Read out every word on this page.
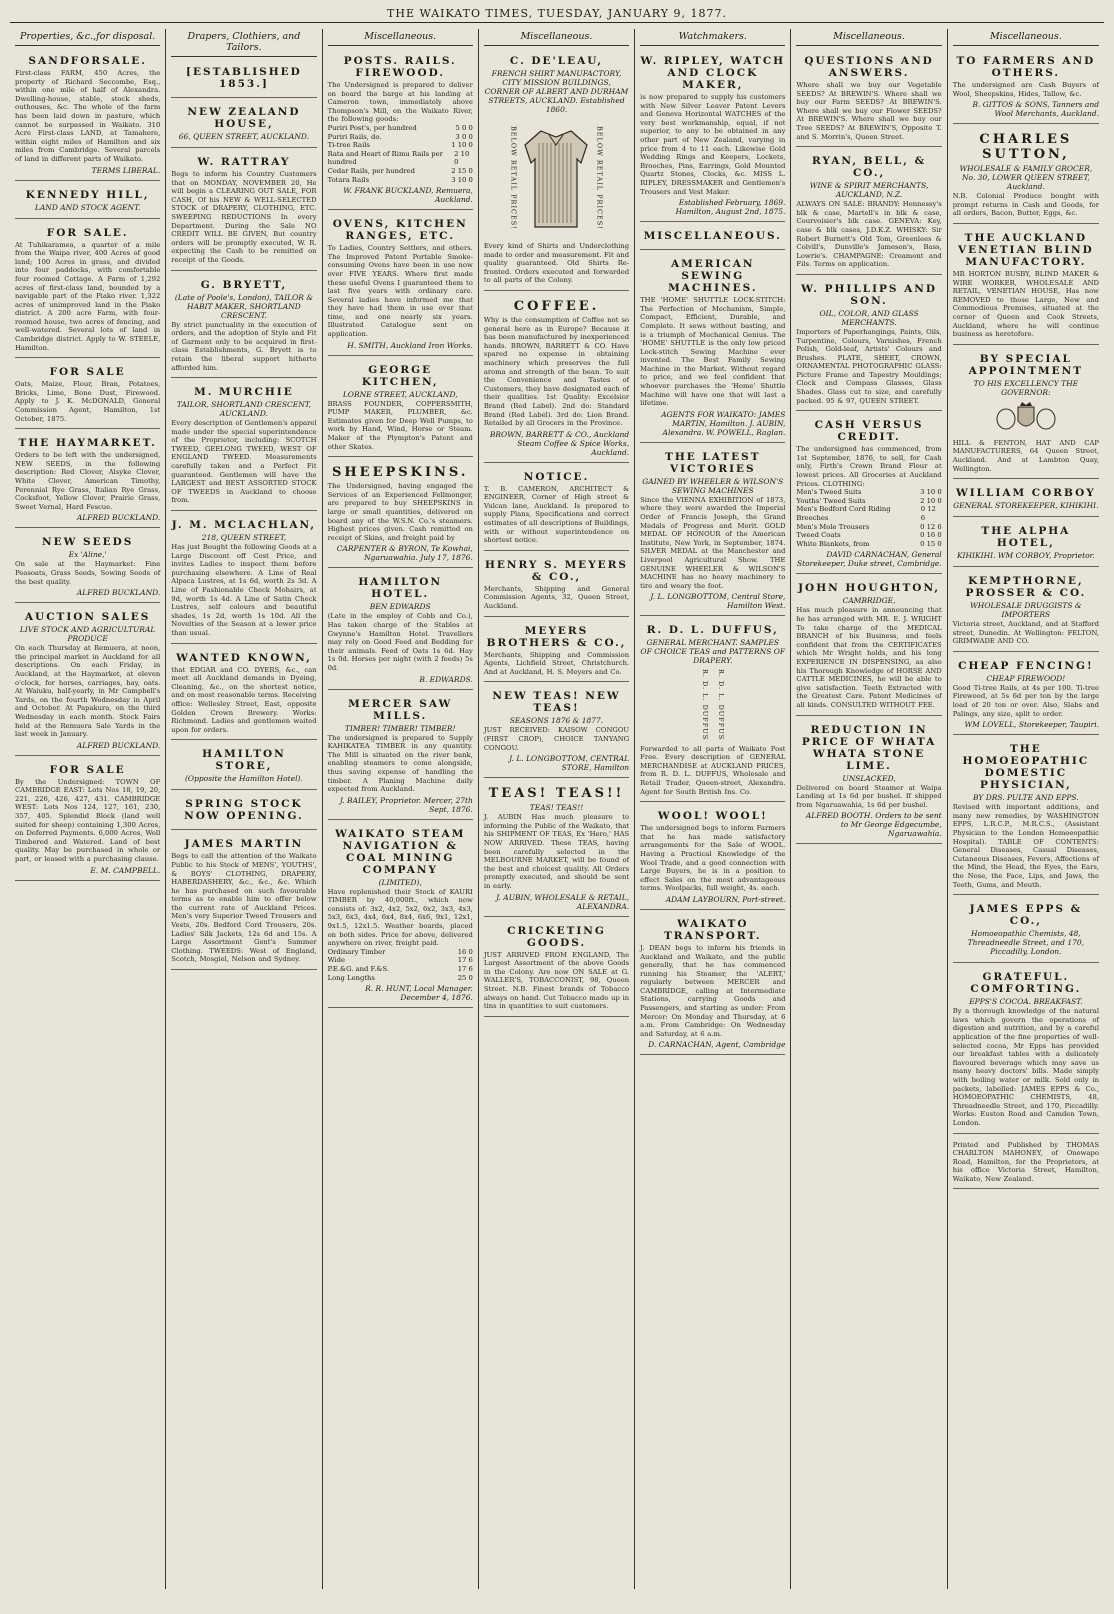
THE WAIKATO TIMES, TUESDAY, JANUARY 9, 1877.
Properties, &c.,for disposal.
SANDFORSALE.
First-class FARM, 450 Acres, the property of Richard Seccombe, Esq., within one mile of half of Alexandra. Dwelling-house, stable, stock sheds, outhouses, &c. The whole of the farm has been laid down in pasture, which cannot be surpassed in Waikato. 310 Acre First-class LAND, at Tamahere, within eight miles of Hamilton and six miles from Cambridge. Several parcels of land in different parts of Waikato.
TERMS LIBERAL.
KENNEDY HILL,
LAND AND STOCK AGENT.
FOR SALE.
At Tuhikaramea, a quarter of a mile from the Waipa river, 400 Acres of good land; 100 Acres in grass, and divided into four paddocks, with comfortable four roomed Cottage. A Farm of 1,292 acres of first-class land, bounded by a navigable part of the Piako river. 1,322 acres of unimproved land in the Piako district. A 200 acre Farm, with four-roomed house, two acres of fencing, and well-watered. Several lots of land in Cambridge district. Apply to W. STEELE, Hamilton.
FOR SALE
Oats, Maize, Flour, Bran, Potatoes, Bricks, Lime, Bone Dust, Firewood. Apply to J. K. McDONALD, General Commission Agent, Hamilton, 1st October, 1875.
THE HAYMARKET.
Orders to be left with the undersigned, NEW SEEDS, in the following description: Red Clover, Alsyke Clover, White Clover, American Timothy, Perennial Rye Grass, Italian Rye Grass, Cocksfoot, Yellow Clover, Prairie Grass, Sweet Vernal, Hard Fescue.
ALFRED BUCKLAND.
NEW SEEDS
Ex 'Aline,'
On sale at the Haymarket: Fine Peasoats, Grass Seeds, Sowing Seeds of the best quality.
ALFRED BUCKLAND.
AUCTION SALES
LIVE STOCK AND AGRICULTURAL PRODUCE
On each Thursday at Remuera, at noon, the principal market in Auckland for all descriptions. On each Friday, in Auckland, at the Haymarket, at eleven o'clock, for horses, carriages, hay, oats. At Waiuku, half-yearly, in Mr Campbell's Yards, on the fourth Wednesday in April and October. At Papakura, on the third Wednesday in each month. Stock Fairs held at the Remuera Sale Yards in the last week in January.
ALFRED BUCKLAND.
FOR SALE
By the Undersigned: TOWN OF CAMBRIDGE EAST: Lots Nos 18, 19, 20, 221, 226, 426, 427, 431. CAMBRIDGE WEST: Lots Nos 124, 127, 161, 230, 357, 405. Splendid Block (land well suited for sheep) containing 1,300 Acres, on Deferred Payments. 6,000 Acres, Well Timbered and Watered. Land of best quality. May be purchased in whole or part, or leased with a purchasing clause.
E. M. CAMPBELL.
Drapers, Clothiers, and Tailors.
[ESTABLISHED 1853.]
NEW ZEALAND HOUSE,
66, QUEEN STREET, AUCKLAND.
W. RATTRAY
Begs to inform his Country Customers that on MONDAY, NOVEMBER 20, He will begin a CLEARING OUT SALE, FOR CASH, Of his NEW & WELL-SELECTED STOCK of DRAPERY, CLOTHING, ETC. SWEEPING REDUCTIONS In every Department. During the Sale NO CREDIT WILL BE GIVEN, But country orders will be promptly executed, W. R. expecting the Cash to be remitted on receipt of the Goods.
G. BRYETT,
(Late of Poole's, London), TAILOR & HABIT MAKER, SHORTLAND CRESCENT.
By strict punctuality in the execution of orders, and the adoption of Style and Fit of Garment only to be acquired in first-class Establishments, G. Bryett is to retain the liberal support hitherto afforded him.
M. MURCHIE
TAILOR, SHORTLAND CRESCENT, AUCKLAND.
Every description of Gentlemen's apparel made under the special superintendence of the Proprietor, including: SCOTCH TWEED, GEELONG TWEED, WEST OF ENGLAND TWEED. Measurements carefully taken and a Perfect Fit guaranteed. Gentlemen will have the LARGEST and BEST ASSORTED STOCK OF TWEEDS in Auckland to choose from.
J. M. MCLACHLAN,
218, QUEEN STREET,
Has just Bought the following Goods at a Large Discount off Cost Price, and invites Ladies to inspect them before purchasing elsewhere. A Line of Real Alpaca Lustres, at 1s 6d, worth 2s 3d. A Line of Fashionable Check Mohairs, at 9d, worth 1s 4d. A Line of Satin Check Lustres, self colours and beautiful shades, 1s 2d, worth 1s 10d. All the Novelties of the Season at a lower price than usual.
WANTED KNOWN,
that EDGAR and CO. DYERS, &c., can meet all Auckland demands in Dyeing, Cleaning, &c., on the shortest notice, and on most reasonable terms. Receiving office: Wellesley Street, East, opposite Golden Crown Brewery. Works: Richmond. Ladies and gentlemen waited upon for orders.
HAMILTON STORE,
(Opposite the Hamilton Hotel).
SPRING STOCK NOW OPENING.
JAMES MARTIN
Begs to call the attention of the Waikato Public to his Stock of MENS', YOUTHS', & BOYS' CLOTHING, DRAPERY, HABERDASHERY, &c., &c., &c. Which he has purchased on such favourable terms as to enable him to offer below the current rate of Auckland Prices. Men's very Superior Tweed Trousers and Vests, 20s. Bedford Cord Trousers, 20s. Ladies' Silk Jackets, 12s 6d and 15s. A Large Assortment Gent's Summer Clothing. TWEEDS: West of England, Scotch, Mosgiel, Nelson and Sydney.
Miscellaneous.
POSTS. RAILS. FIREWOOD.
The Undersigned is prepared to deliver on board the barge at his landing at Cameron town, immediately above Thompson's Mill, on the Waikato River, the following goods:
Puriri Post's, per hundred	5 0 0
Puriri Rails, do.	3 0 0
Ti-tree Rails	1 10 0
Rata and Heart of Rimu Rails per hundred
2 10 0
Cedar Rails, per hundred	2 15 0
Totara Rails	3 10 0
W. FRANK BUCKLAND, Remuera, Auckland.
OVENS, KITCHEN RANGES, ETC.
To Ladies, Country Settlers, and others. The Improved Patent Portable Smoke-consuming Ovens have been in use now over FIVE YEARS. Where first made these useful Ovens I guaranteed them to last five years with ordinary care. Several ladies have informed me that they have had them in use over that time, and one nearly six years. Illustrated Catalogue sent on application.
H. SMITH, Auckland Iron Works.
GEORGE KITCHEN,
LORNE STREET, AUCKLAND,
BRASS FOUNDER, COPPERSMITH, PUMP MAKER, PLUMBER, &c. Estimates given for Deep Well Pumps, to work by Hand, Wind, Horse or Steam. Maker of the Plympton's Patent and other Skates.
SHEEPSKINS.
The Undersigned, having engaged the Services of an Experienced Fellmonger, are prepared to buy SHEEPSKINS in large or small quantities, delivered on board any of the W.S.N. Co.'s steamers. Highest prices given. Cash remitted on receipt of Skins, and freight paid by
CARPENTER & BYRON, Te Kowhai, Ngaruawahia. July 17, 1876.
HAMILTON HOTEL.
BEN EDWARDS
(Late in the employ of Cobb and Co.), Has taken charge of the Stables at Gwynne's Hamilton Hotel. Travellers may rely on Good Feed and Bedding for their animals. Feed of Oats 1s 6d. Hay 1s 0d. Horses per night (with 2 feeds) 5s 0d.
B. EDWARDS.
MERCER SAW MILLS.
TIMBER! TIMBER! TIMBER!
The undersigned is prepared to Supply KAHIKATEA TIMBER in any quantity. The Mill is situated on the river bank, enabling steamers to come alongside, thus saving expense of handling the timber. A Planing Machine daily expected from Auckland.
J. BAILEY, Proprietor. Mercer, 27th Sept, 1876.
WAIKATO STEAM NAVIGATION & COAL MINING COMPANY
(LIMITED),
Have replenished their Stock of KAURI TIMBER by 40,000ft., which now consists of: 3x2, 4x2, 5x2, 6x2, 3x3, 4x3, 5x3, 6x3, 4x4, 6x4, 8x4, 6x6, 9x1, 12x1, 9x1.5, 12x1.5. Weather boards, placed on both sides. Price for above, delivered anywhere on river, freight paid.
Ordinary Timber	16 0
Wide	17 6
P.E.&G. and F.&S.	17 6
Long Lengths	25 0
R. R. HUNT, Local Manager. December 4, 1876.
Miscellaneous.
C. DE'LEAU,
FRENCH SHIRT MANUFACTORY, CITY MISSION BUILDINGS, CORNER OF ALBERT AND DURHAM STREETS, AUCKLAND. Established 1860.
BELOW RETAIL PRICES!	BELOW RETAIL PRICES!
Every kind of Shirts and Underclothing made to order and measurement. Fit and quality guaranteed. Old Shirts Re-fronted. Orders executed and forwarded to all parts of the Colony.
COFFEE.
Why is the consumption of Coffee not so general here as in Europe? Because it has been manufactured by inexperienced hands. BROWN, BARRETT & CO. Have spared no expense in obtaining machinery which preserves the full aroma and strength of the bean. To suit the Convenience and Tastes of Customers, they have designated each of their qualities. 1st Quality: Excelsior Brand (Red Label). 2nd do: Standard Brand (Red Label). 3rd do: Lion Brand. Retailed by all Grocers in the Province.
BROWN, BARRETT & CO., Auckland Steam Coffee & Spice Works, Auckland.
NOTICE.
T. B. CAMERON, ARCHITECT & ENGINEER, Corner of High street & Vulcan lane, Auckland. Is prepared to supply Plans, Specifications and correct estimates of all descriptions of Buildings, with or without superintendence on shortest notice.
HENRY S. MEYERS & CO.,
Merchants, Shipping and General Commission Agents, 32, Queen Street, Auckland.
MEYERS BROTHERS & CO.,
Merchants, Shipping and Commission Agents, Lichfield Street, Christchurch. And at Auckland, H. S. Meyers and Co.
NEW TEAS! NEW TEAS!
SEASONS 1876 & 1877.
JUST RECEIVED: KAISOW CONGOU (FIRST CROP), CHOICE TANYANG CONGOU.
J. L. LONGBOTTOM, CENTRAL STORE, Hamilton
TEAS! TEAS!!
TEAS! TEAS!!
J. AUBIN Has much pleasure to informing the Public of the Waikato, that his SHIPMENT OF TEAS, Ex 'Hero,' HAS NOW ARRIVED. These TEAS, having been carefully selected in the MELBOURNE MARKET, will be found of the best and choicest quality. All Orders promptly executed, and should be sent in early.
J. AUBIN, WHOLESALE & RETAIL, ALEXANDRA.
CRICKETING GOODS.
JUST ARRIVED FROM ENGLAND, The Largest Assortment of the above Goods in the Colony. Are now ON SALE at G. WALLER'S, TOBACCONIST, 98, Queen Street. N.B. Finest brands of Tobacco always on hand. Cut Tobacco made up in tins in quantities to suit customers.
Watchmakers.
W. RIPLEY, WATCH AND CLOCK MAKER,
is now prepared to supply his customers with New Silver Leaver Patent Levers and Geneva Horizontal WATCHES of the very best workmanship, equal, if not superior, to any to be obtained in any other part of New Zealand, varying in price from 4 to 11 each. Likewise Gold Wedding Rings and Keepers, Lockets, Brooches, Pins, Earrings, Gold Mounted Quartz Stones, Clocks, &c. MISS L. RIPLEY, DRESSMAKER and Gentlemen's Trousers and Vest Maker.
Established February, 1869. Hamilton, August 2nd, 1875.
MISCELLANEOUS.
AMERICAN SEWING MACHINES.
THE 'HOME' SHUTTLE LOCK-STITCH: The Perfection of Mechanism, Simple, Compact, Efficient, Durable, and Complete. It sews without basting, and is a triumph of Mechanical Genius. The 'HOME' SHUTTLE is the only low priced Lock-stitch Sewing Machine ever invented. The Best Family Sewing Machine in the Market. Without regard to price, and we feel confident that whoever purchases the 'Home' Shuttle Machine will have one that will last a lifetime.
AGENTS FOR WAIKATO: JAMES MARTIN, Hamilton. J. AUBIN, Alexandra. W. POWELL, Raglan.
THE LATEST VICTORIES
GAINED BY WHEELER & WILSON'S SEWING MACHINES
Since the VIENNA EXHIBITION of 1873, where they were awarded the Imperial Order of Francis Joseph, the Grand Medals of Progress and Merit. GOLD MEDAL OF HONOUR of the American Institute, New York, in September, 1874. SILVER MEDAL at the Manchester and Liverpool Agricultural Show. THE GENUINE WHEELER & WILSON'S MACHINE has no heavy machinery to tire and weary the foot.
J. L. LONGBOTTOM, Central Store, Hamilton West.
R. D. L. DUFFUS,
GENERAL MERCHANT. SAMPLES OF CHOICE TEAS and PATTERNS OF DRAPERY.
R. D. L. DUFFUS R. D. L. DUFFUS
Forwarded to all parts of Waikato Post Free. Every description of GENERAL MERCHANDISE at AUCKLAND PRICES, from R. D. L. DUFFUS, Wholesale and Retail Trader, Queen-street, Alexandra. Agent for South British Ins. Co.
WOOL! WOOL!
The undersigned begs to inform Farmers that he has made satisfactory arrangements for the Sale of WOOL. Having a Practical Knowledge of the Wool Trade, and a good connection with Large Buyers, he is in a position to effect Sales on the most advantageous terms. Woolpacks, full weight, 4s. each.
ADAM LAYBOURN, Port-street.
WAIKATO TRANSPORT.
J. DEAN begs to inform his friends in Auckland and Waikato, and the public generally, that he has commenced running his Steamer, the 'ALERT,' regularly between MERCER and CAMBRIDGE, calling at Intermediate Stations, carrying Goods and Passengers, and starting as under: From Mercer: On Monday and Thursday, at 6 a.m. From Cambridge: On Wednesday and Saturday, at 6 a.m.
D. CARNACHAN, Agent, Cambridge
Miscellaneous.
QUESTIONS AND ANSWERS.
Where shall we buy our Vegetable SEEDS? At BREWIN'S. Where shall we buy our Farm SEEDS? At BREWIN'S. Where shall we buy our Flower SEEDS? At BREWIN'S. Where shall we buy our Tree SEEDS? At BREWIN'S, Opposite T. and S. Morrin's, Queen Street.
RYAN, BELL, & CO.,
WINE & SPIRIT MERCHANTS, AUCKLAND, N.Z.
ALWAYS ON SALE: BRANDY: Hennessy's blk & case, Martell's in blk & case, Courvoisier's blk case. GENEVA: Key, case & blk cases, J.D.K.Z. WHISKY: Sir Robert Burnett's Old Tom, Greenlees & Colvill's, Dunville's Jameson's, Bass, Lowrie's. CHAMPAGNE: Creamont and Fils. Terms on application.
W. PHILLIPS AND SON.
OIL, COLOR, AND GLASS MERCHANTS.
Importers of Paperhangings, Paints, Oils, Turpentine, Colours, Varnishes, French Polish, Gold-leaf, Artists' Colours and Brushes. PLATE, SHEET, CROWN, ORNAMENTAL PHOTOGRAPHIC GLASS: Picture Frame and Tapestry Mouldings; Clock and Compass Glasses, Glass Shades. Glass cut to size, and carefully packed. 95 & 97, QUEEN STREET.
CASH VERSUS CREDIT.
The undersigned has commenced, from 1st September, 1876, to sell, for Cash only, Firth's Crown Brand Flour at lowest prices. All Groceries at Auckland Prices. CLOTHING:
Men's Tweed Suits	3 10 0
Youths' Tweed Suits	2 10 0
Men's Bedford Cord Riding Breeches
0 12 6
Men's Mole Trousers	0 12 6
Tweed Coats	0 16 0
White Blankets, from	0 15 0
DAVID CARNACHAN, General Storekeeper, Duke street, Cambridge.
JOHN HOUGHTON,
CAMBRIDGE,
Has much pleasure in announcing that he has arranged with MR. E. J. WRIGHT To take charge of the MEDICAL BRANCH of his Business, and feels confident that from the CERTIFICATES which Mr Wright holds, and his long EXPERIENCE IN DISPENSING, as also his Thorough Knowledge of HORSE AND CATTLE MEDICINES, he will be able to give satisfaction. Teeth Extracted with the Greatest Care. Patent Medicines of all kinds. CONSULTED WITHOUT FEE.
REDUCTION IN PRICE OF WHATA WHATA STONE LIME.
UNSLACKED,
Delivered on board Steamer at Waipa Landing at 1s 6d per bushel. If shipped from Ngaruawahia, 1s 6d per bushel.
ALFRED BOOTH. Orders to be sent to Mr George Edgecumbe, Ngaruawahia.
Miscellaneous.
TO FARMERS AND OTHERS.
The undersigned are Cash Buyers of Wool, Sheepskins, Hides, Tallow, &c.
B. GITTOS & SONS, Tanners and Wool Merchants, Auckland.
CHARLES SUTTON,
WHOLESALE & FAMILY GROCER, No. 30, LOWER QUEEN STREET, Auckland.
N.B. Colonial Produce bought with prompt returns in Cash and Goods, for all orders, Bacon, Butter, Eggs, &c.
THE AUCKLAND VENETIAN BLIND MANUFACTORY.
MR HORTON BUSBY, BLIND MAKER & WIRE WORKER, WHOLESALE AND RETAIL, VENETIAN HOUSE, Has now REMOVED to those Large, New and Commodious Premises, situated at the corner of Queen and Cook Streets, Auckland, where he will continue business as heretofore.
BY SPECIAL APPOINTMENT
TO HIS EXCELLENCY THE GOVERNOR:
HILL & FENTON, HAT AND CAP MANUFACTURERS, 64 Queen Street, Auckland. And at Lambton Quay, Wellington.
WILLIAM CORBOY
GENERAL STOREKEEPER, KIHIKIHI.
THE ALPHA HOTEL,
KIHIKIHI. WM CORBOY, Proprietor.
KEMPTHORNE, PROSSER & CO.
WHOLESALE DRUGGISTS & IMPORTERS
Victoria street, Auckland, and at Stafford street, Dunedin. At Wellington: FELTON, GRIMWADE AND CO.
CHEAP FENCING!
CHEAP FIREWOOD!
Good Ti-tree Rails, at 4s per 100. Ti-tree Firewood, at 5s 6d per ton by the large load of 20 ton or over. Also, Slabs and Palings, any size, split to order.
WM LOVELL, Storekeeper, Taupiri.
THE HOMOEOPATHIC DOMESTIC PHYSICIAN,
BY DRS. PULTE AND EPPS.
Revised with important additions, and many new remedies, by WASHINGTON EPPS, L.R.C.P., M.R.C.S., (Assistant Physician to the London Homoeopathic Hospital). TABLE OF CONTENTS: General Diseases, Casual Diseases, Cutaneous Diseases, Fevers, Affections of the Mind, the Head, the Eyes, the Ears, the Nose, the Face, Lips, and Jaws, the Teeth, Gums, and Mouth.
JAMES EPPS & CO.,
Homoeopathic Chemists, 48, Threadneedle Street, and 170, Piccadilly, London.
GRATEFUL. COMFORTING.
EPPS'S COCOA. BREAKFAST.
By a thorough knowledge of the natural laws which govern the operations of digestion and nutrition, and by a careful application of the fine properties of well-selected cocoa, Mr Epps has provided our breakfast tables with a delicately flavoured beverage which may save us many heavy doctors' bills. Made simply with boiling water or milk. Sold only in packets, labelled: JAMES EPPS & Co., HOMOEOPATHIC CHEMISTS, 48, Threadneedle Street, and 170, Piccadilly. Works: Euston Road and Camden Town, London.
Printed and Published by THOMAS CHARLTON MAHONEY, of Onewapo Road, Hamilton, for the Proprietors, at his office Victoria Street, Hamilton, Waikato, New Zealand.
